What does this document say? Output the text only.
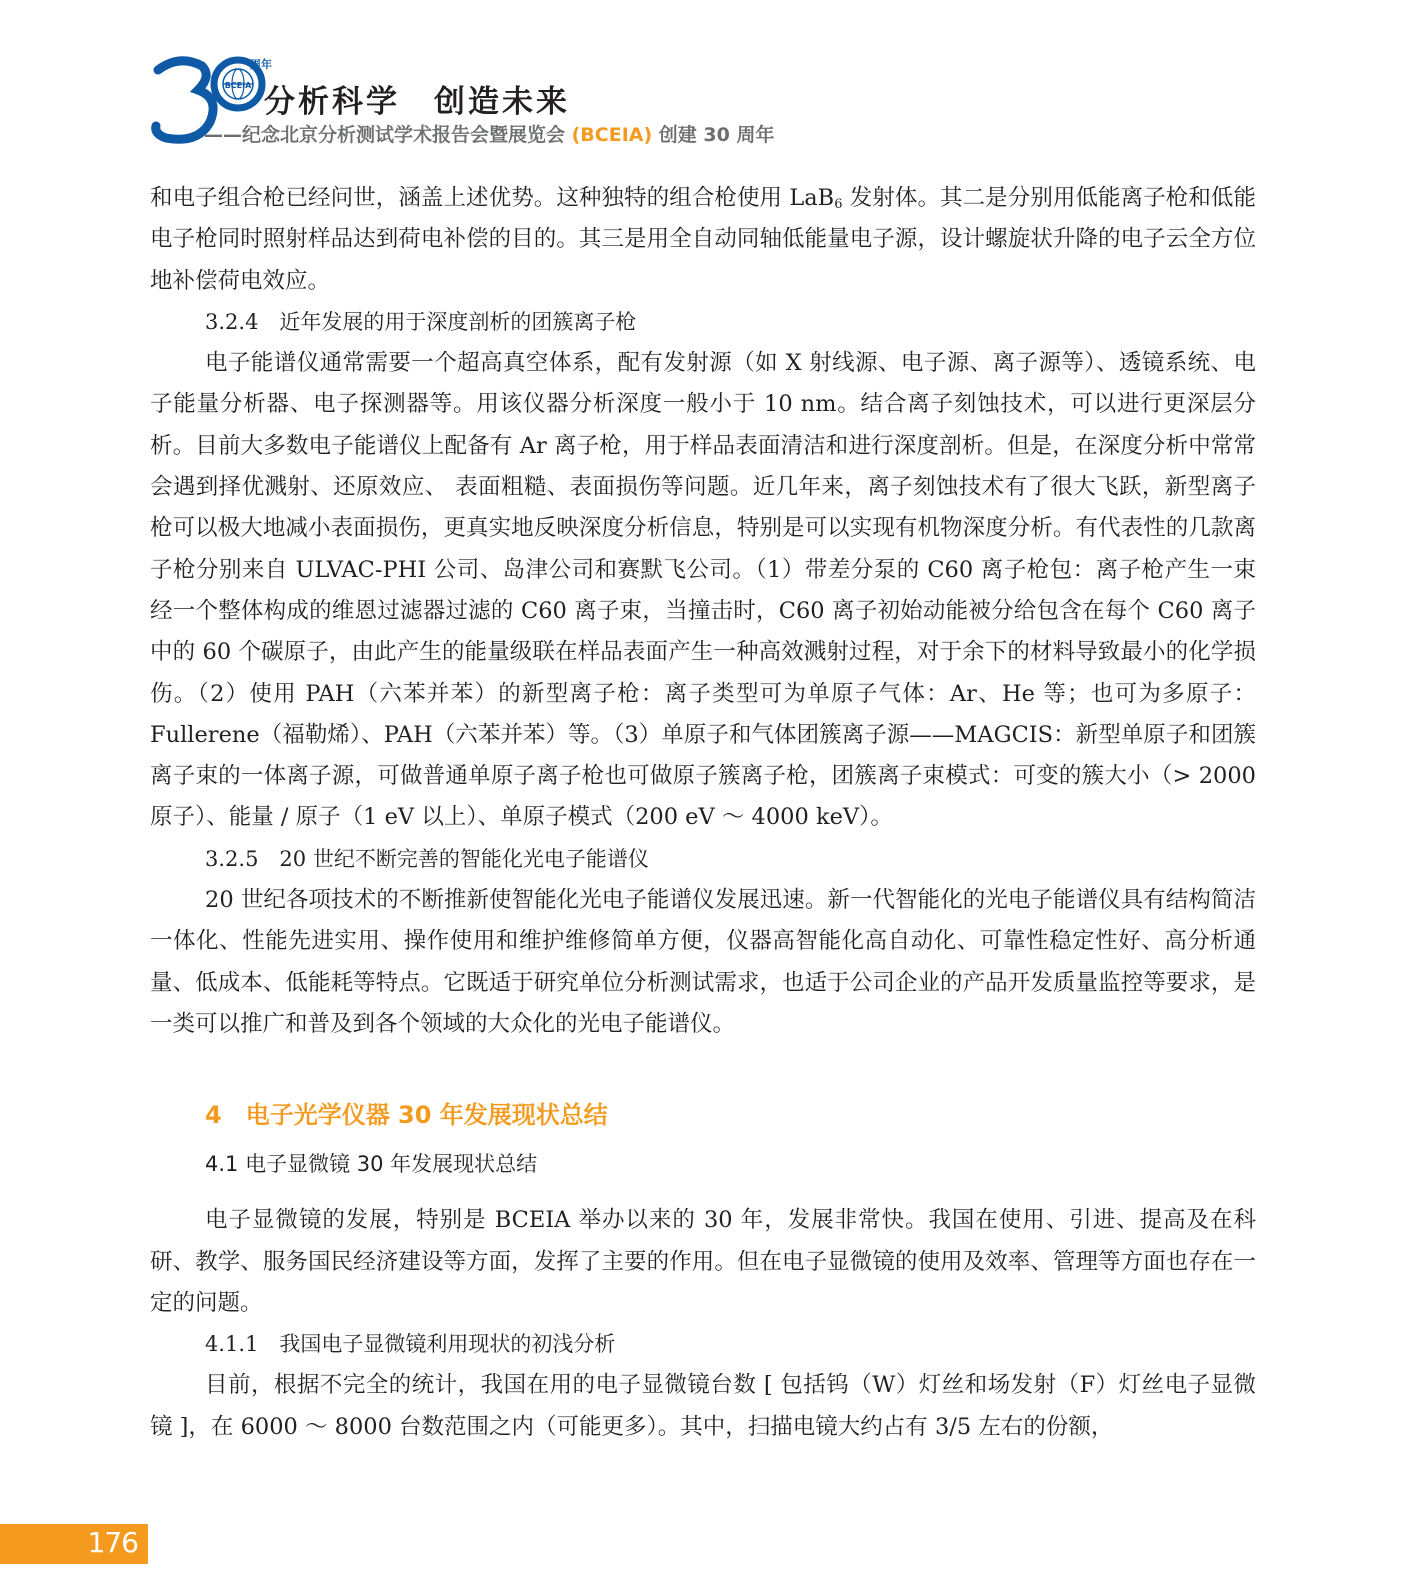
BCEIA
周年
分析科学　创造未来
——纪念北京分析测试学术报告会暨展览会 (BCEIA) 创建 30 周年

和电子组合枪已经问世，涵盖上述优势。这种独特的组合枪使用 LaB$_6$ 发射体。其二是分别用低能离子枪和低能电子枪同时照射样品达到荷电补偿的目的。其三是用全自动同轴低能量电子源，设计螺旋状升降的电子云全方位地补偿荷电效应。

3.2.4　近年发展的用于深度剖析的团簇离子枪

电子能谱仪通常需要一个超高真空体系，配有发射源（如 X 射线源、电子源、离子源等）、透镜系统、电子能量分析器、电子探测器等。用该仪器分析深度一般小于 10 nm。结合离子刻蚀技术，可以进行更深层分析。目前大多数电子能谱仪上配备有 Ar 离子枪，用于样品表面清洁和进行深度剖析。但是，在深度分析中常常会遇到择优溅射、还原效应、 表面粗糙、表面损伤等问题。近几年来，离子刻蚀技术有了很大飞跃，新型离子枪可以极大地减小表面损伤，更真实地反映深度分析信息，特别是可以实现有机物深度分析。有代表性的几款离子枪分别来自 ULVAC-PHI 公司、岛津公司和赛默飞公司。（1）带差分泵的 C60 离子枪包：离子枪产生一束经一个整体构成的维恩过滤器过滤的 C60 离子束，当撞击时，C60 离子初始动能被分给包含在每个 C60 离子中的 60 个碳原子，由此产生的能量级联在样品表面产生一种高效溅射过程，对于余下的材料导致最小的化学损伤。（2）使用 PAH（六苯并苯）的新型离子枪：离子类型可为单原子气体：Ar、He 等；也可为多原子：Fullerene（福勒烯）、PAH（六苯并苯）等。（3）单原子和气体团簇离子源——MAGCIS：新型单原子和团簇离子束的一体离子源，可做普通单原子离子枪也可做原子簇离子枪，团簇离子束模式：可变的簇大小（> 2000 原子）、能量 / 原子（1 eV 以上）、单原子模式（200 eV ～ 4000 keV）。

3.2.5　20 世纪不断完善的智能化光电子能谱仪

20 世纪各项技术的不断推新使智能化光电子能谱仪发展迅速。新一代智能化的光电子能谱仪具有结构简洁一体化、性能先进实用、操作使用和维护维修简单方便，仪器高智能化高自动化、可靠性稳定性好、高分析通量、低成本、低能耗等特点。它既适于研究单位分析测试需求，也适于公司企业的产品开发质量监控等要求，是一类可以推广和普及到各个领域的大众化的光电子能谱仪。

4　电子光学仪器 30 年发展现状总结

4.1 电子显微镜 30 年发展现状总结

电子显微镜的发展，特别是 BCEIA 举办以来的 30 年，发展非常快。我国在使用、引进、提高及在科研、教学、服务国民经济建设等方面，发挥了主要的作用。但在电子显微镜的使用及效率、管理等方面也存在一定的问题。

4.1.1　我国电子显微镜利用现状的初浅分析

目前，根据不完全的统计，我国在用的电子显微镜台数 [ 包括钨（W）灯丝和场发射（F）灯丝电子显微镜 ]，在 6000 ～ 8000 台数范围之内（可能更多）。其中，扫描电镜大约占有 3/5 左右的份额，

176
